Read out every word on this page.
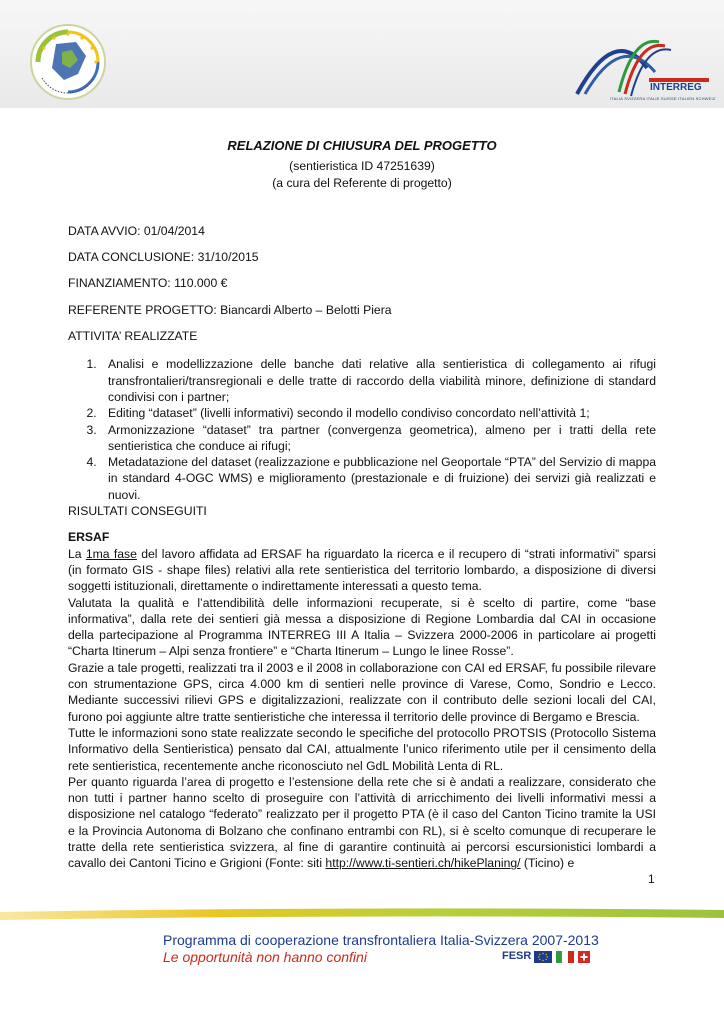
INTERREG
ITALIA SVIZZERA ITALIE SUISSE ITALIEN SCHWEIZ
RELAZIONE DI CHIUSURA DEL PROGETTO

(sentieristica ID 47251639)

(a cura del Referente di progetto)

DATA AVVIO: 01/04/2014

DATA CONCLUSIONE: 31/10/2015

FINANZIAMENTO: 110.000 €

REFERENTE PROGETTO: Biancardi Alberto – Belotti Piera

ATTIVITA’ REALIZZATE

1. Analisi e modellizzazione delle banche dati relative alla sentieristica di collegamento ai rifugi transfrontalieri/transregionali e delle tratte di raccordo della viabilità minore, definizione di standard condivisi con i partner;
2. Editing “dataset” (livelli informativi) secondo il modello condiviso concordato nell’attività 1;
3. Armonizzazione “dataset” tra partner (convergenza geometrica), almeno per i tratti della rete sentieristica che conduce ai rifugi;
4. Metadatazione del dataset (realizzazione e pubblicazione nel Geoportale “PTA” del Servizio di mappa in standard 4-OGC WMS) e miglioramento (prestazionale e di fruizione) dei servizi già realizzati e nuovi.

RISULTATI CONSEGUITI

ERSAF

La 1ma fase del lavoro affidata ad ERSAF ha riguardato la ricerca e il recupero di “strati informativi” sparsi (in formato GIS - shape files) relativi alla rete sentieristica del territorio lombardo, a disposizione di diversi soggetti istituzionali, direttamente o indirettamente interessati a questo tema.

Valutata la qualità e l’attendibilità delle informazioni recuperate, si è scelto di partire, come “base informativa”, dalla rete dei sentieri già messa a disposizione di Regione Lombardia dal CAI in occasione della partecipazione al Programma INTERREG III A Italia – Svizzera 2000-2006 in particolare ai progetti “Charta Itinerum – Alpi senza frontiere” e “Charta Itinerum – Lungo le linee Rosse”.

Grazie a tale progetti, realizzati tra il 2003 e il 2008 in collaborazione con CAI ed ERSAF, fu possibile rilevare con strumentazione GPS, circa 4.000 km di sentieri nelle province di Varese, Como, Sondrio e Lecco. Mediante successivi rilievi GPS e digitalizzazioni, realizzate con il contributo delle sezioni locali del CAI, furono poi aggiunte altre tratte sentieristiche che interessa il territorio delle province di Bergamo e Brescia.

Tutte le informazioni sono state realizzate secondo le specifiche del protocollo PROTSIS (Protocollo Sistema Informativo della Sentieristica) pensato dal CAI, attualmente l’unico riferimento utile per il censimento della rete sentieristica, recentemente anche riconosciuto nel GdL Mobilità Lenta di RL.

Per quanto riguarda l’area di progetto e l’estensione della rete che si è andati a realizzare, considerato che non tutti i partner hanno scelto di proseguire con l’attività di arricchimento dei livelli informativi messi a disposizione nel catalogo “federato” realizzato per il progetto PTA (è il caso del Canton Ticino tramite la USI e la Provincia Autonoma di Bolzano che confinano entrambi con RL), si è scelto comunque di recuperare le tratte della rete sentieristica svizzera, al fine di garantire continuità ai percorsi escursionistici lombardi a cavallo dei Cantoni Ticino e Grigioni (Fonte: siti http://www.ti-sentieri.ch/hikePlaning/ (Ticino) e

1
Programma di cooperazione transfrontaliera Italia-Svizzera 2007-2013
Le opportunità non hanno confini	FESR
